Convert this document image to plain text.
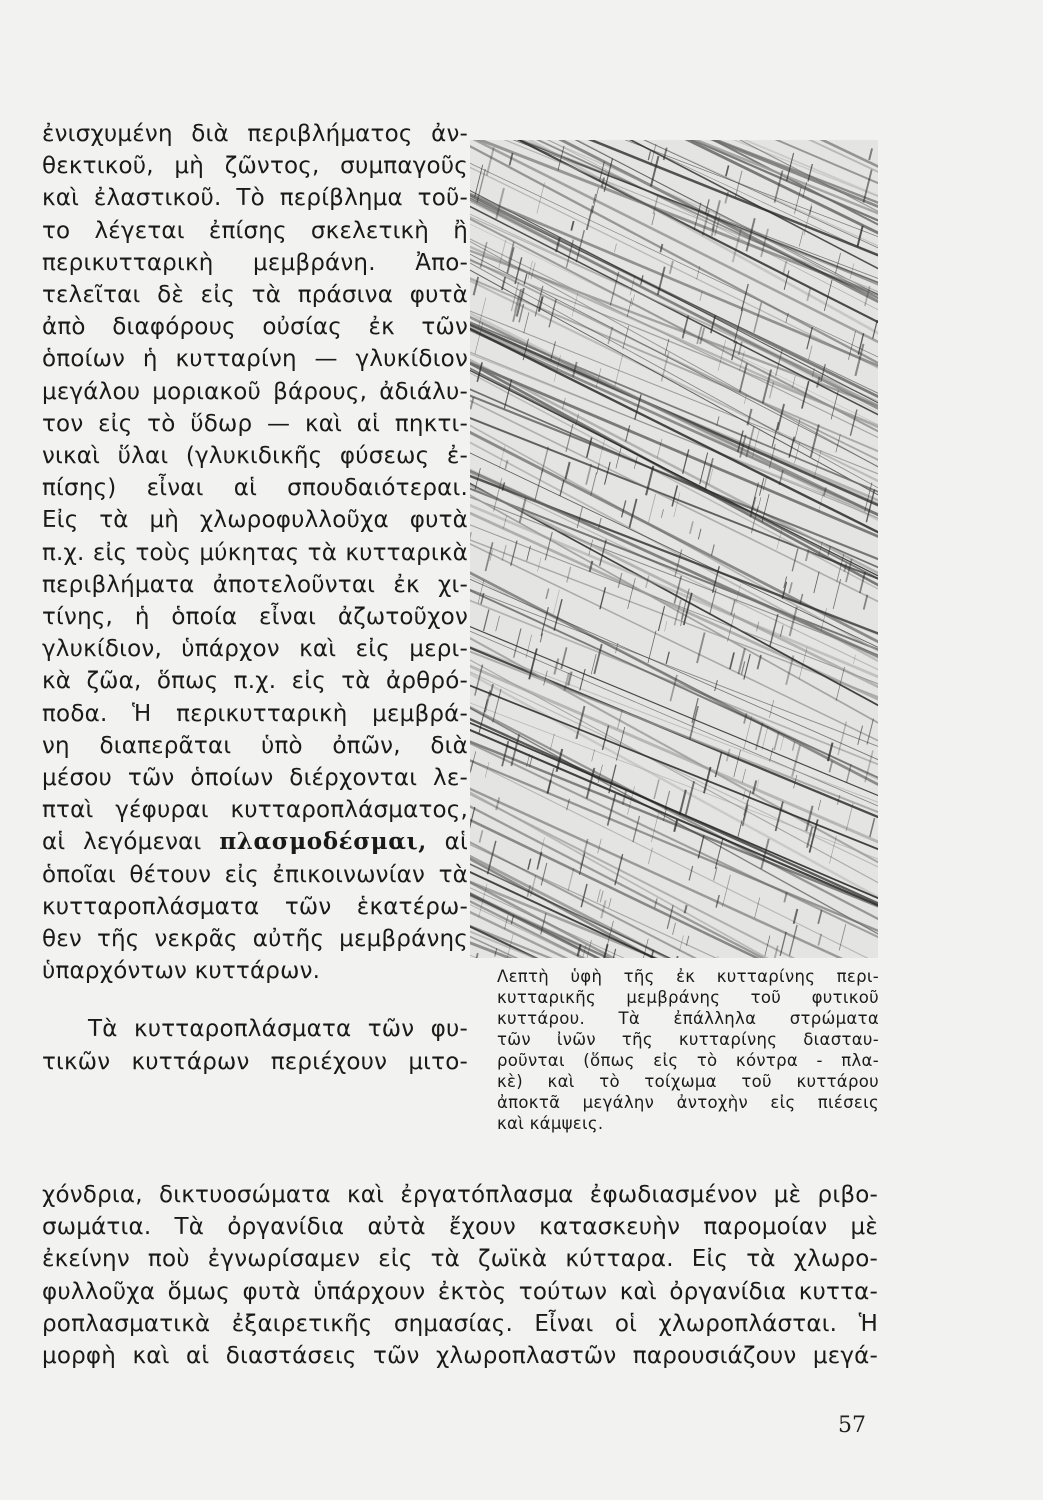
ἐνισχυμένη διὰ περιβλήματος ἀν-
θεκτικοῦ, μὴ ζῶντος, συμπαγοῦς
καὶ ἐλαστικοῦ. Τὸ περίβλημα τοῦ-
το λέγεται ἐπίσης σκελετικὴ ἢ
περικυτταρικὴ μεμβράνη. Ἀπο-
τελεῖται δὲ εἰς τὰ πράσινα φυτὰ
ἀπὸ διαφόρους οὐσίας ἐκ τῶν
ὁποίων ἡ κυτταρίνη — γλυκίδιον
μεγάλου μοριακοῦ βάρους, ἀδιάλυ-
τον εἰς τὸ ὕδωρ — καὶ αἱ πηκτι-
νικαὶ ὕλαι (γλυκιδικῆς φύσεως ἐ-
πίσης) εἶναι αἱ σπουδαιότεραι.
Εἰς τὰ μὴ χλωροφυλλοῦχα φυτὰ
π.χ. εἰς τοὺς μύκητας τὰ κυτταρικὰ
περιβλήματα ἀποτελοῦνται ἐκ χι-
τίνης, ἡ ὁποία εἶναι ἀζωτοῦχον
γλυκίδιον, ὑπάρχον καὶ εἰς μερι-
κὰ ζῶα, ὅπως π.χ. εἰς τὰ ἀρθρό-
ποδα. Ἡ περικυτταρικὴ μεμβρά-
νη διαπερᾶται ὑπὸ ὀπῶν, διὰ
μέσου τῶν ὁποίων διέρχονται λε-
πταὶ γέφυραι κυτταροπλάσματος,
αἱ λεγόμεναι πλασμοδέσμαι, αἱ
ὁποῖαι θέτουν εἰς ἐπικοινωνίαν τὰ
κυτταροπλάσματα τῶν ἑκατέρω-
θεν τῆς νεκρᾶς αὐτῆς μεμβράνης
ὑπαρχόντων κυττάρων.
Τὰ κυτταροπλάσματα τῶν φυ-
τικῶν κυττάρων περιέχουν μιτο-
Λεπτὴ ὑφὴ τῆς ἐκ κυτταρίνης περι-
κυτταρικῆς μεμβράνης τοῦ φυτικοῦ
κυττάρου. Τὰ ἐπάλληλα στρώματα
τῶν ἰνῶν τῆς κυτταρίνης διασταυ-
ροῦνται (ὅπως εἰς τὸ κόντρα - πλα-
κὲ) καὶ τὸ τοίχωμα τοῦ κυττάρου
ἀποκτᾶ μεγάλην ἀντοχὴν εἰς πιέσεις
καὶ κάμψεις.
χόνδρια, δικτυοσώματα καὶ ἐργατόπλασμα ἐφωδιασμένον μὲ ριβο-
σωμάτια. Τὰ ὀργανίδια αὐτὰ ἔχουν κατασκευὴν παρομοίαν μὲ
ἐκείνην ποὺ ἐγνωρίσαμεν εἰς τὰ ζωϊκὰ κύτταρα. Εἰς τὰ χλωρο-
φυλλοῦχα ὅμως φυτὰ ὑπάρχουν ἐκτὸς τούτων καὶ ὀργανίδια κυττα-
ροπλασματικὰ ἐξαιρετικῆς σημασίας. Εἶναι οἱ χλωροπλάσται. Ἡ
μορφὴ καὶ αἱ διαστάσεις τῶν χλωροπλαστῶν παρουσιάζουν μεγά-
57
